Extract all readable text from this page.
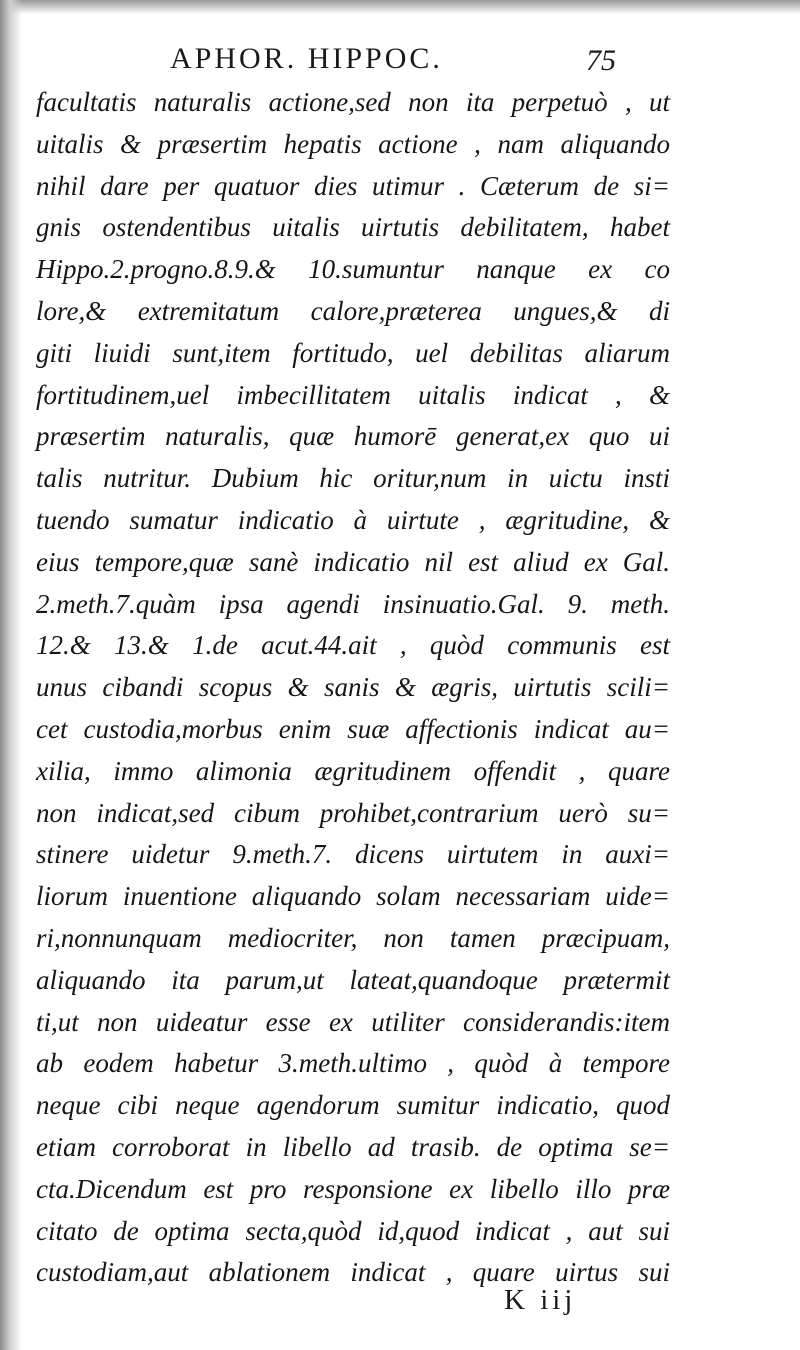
APHOR. HIPPOC.	75
facultatis naturalis actione,sed non ita perpetuò , ut
uitalis & præsertim hepatis actione , nam aliquando
nihil dare per quatuor dies utimur . Cæterum de si=
gnis ostendentibus uitalis uirtutis debilitatem, habet
Hippo.2.progno.8.9.& 10.sumuntur nanque ex co
lore,& extremitatum calore,præterea ungues,& di
giti liuidi sunt,item fortitudo, uel debilitas aliarum
fortitudinem,uel imbecillitatem uitalis indicat , &
præsertim naturalis, quæ humorē generat,ex quo ui
talis nutritur. Dubium hic oritur,num in uictu insti
tuendo sumatur indicatio à uirtute , ægritudine, &
eius tempore,quæ sanè indicatio nil est aliud ex Gal.
2.meth.7.quàm ipsa agendi insinuatio.Gal. 9. meth.
12.& 13.& 1.de acut.44.ait , quòd communis est
unus cibandi scopus & sanis & ægris, uirtutis scili=
cet custodia,morbus enim suæ affectionis indicat au=
xilia, immo alimonia ægritudinem offendit , quare
non indicat,sed cibum prohibet,contrarium uerò su=
stinere uidetur 9.meth.7. dicens uirtutem in auxi=
liorum inuentione aliquando solam necessariam uide=
ri,nonnunquam mediocriter, non tamen præcipuam,
aliquando ita parum,ut lateat,quandoque prætermit
ti,ut non uideatur esse ex utiliter considerandis:item
ab eodem habetur 3.meth.ultimo , quòd à tempore
neque cibi neque agendorum sumitur indicatio, quod
etiam corroborat in libello ad trasib. de optima se=
cta.Dicendum est pro responsione ex libello illo præ
citato de optima secta,quòd id,quod indicat , aut sui
custodiam,aut ablationem indicat , quare uirtus sui
K iij
